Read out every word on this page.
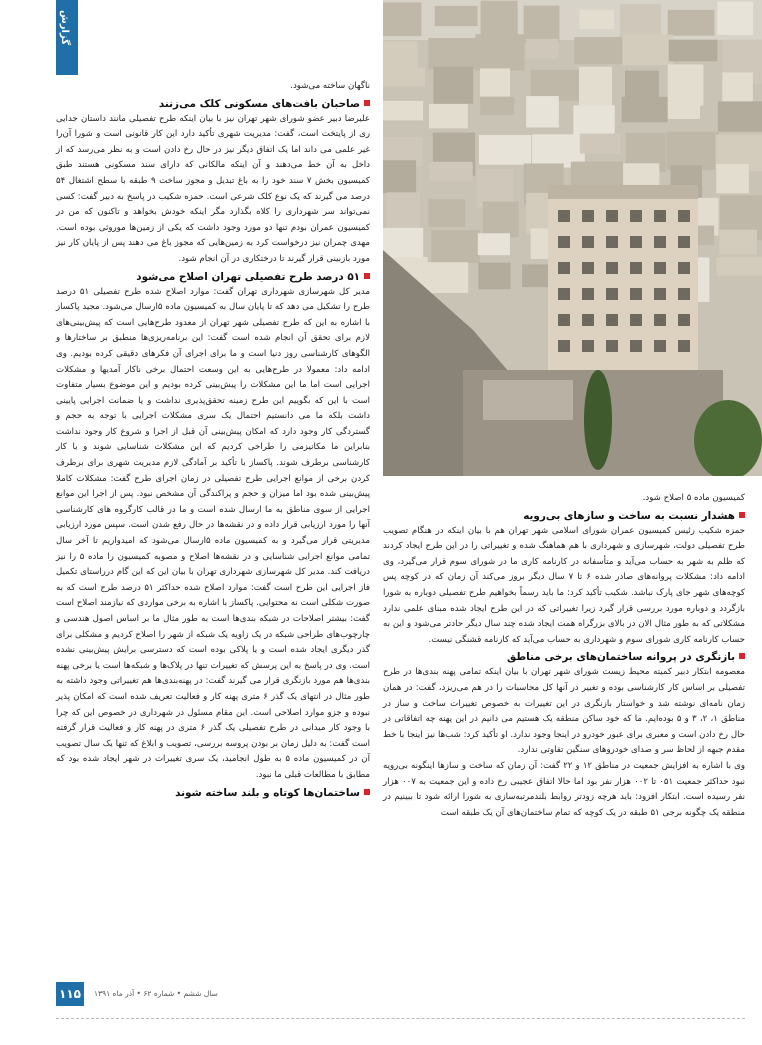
گزارش

ناگهان ساخته می‌شود.

صاحبان بافت‌های مسکونی کلک می‌زنند

علیرضا دبیر عضو شورای شهر تهران نیز با بیان اینکه طرح تفصیلی مانند داستان جدایی ری از پایتخت است، گفت: مدیریت شهری تأکید دارد این کار قانونی است و شورا آن‌را غیر علمی می داند اما یک اتفاق دیگر نیز در حال رخ دادن است و به نظر می‌رسد که از داخل به آن خط می‌دهند و آن اینکه مالکانی که دارای سند مسکونی هستند طبق کمیسیون بخش ۷ سند خود را به باغ تبدیل و مجوز ساخت ۹ طبقه با سطح اشتغال ۵۴ درصد می گیرند که یک نوع کلک شرعی است. حمزه شکیب در پاسخ به دبیر گفت: کسی نمی‌تواند سر شهرداری را کلاه بگذارد مگر اینکه خودش بخواهد و تاکنون که من در کمیسیون عمران بودم تنها دو مورد وجود داشت که یکی از زمین‌ها موروثی بوده است. مهدی چمران نیز درخواست کرد به زمین‌هایی که مجوز باغ می دهند پس از پایان کار نیز مورد بازبینی قرار گیرند تا درختکاری در آن انجام شود.

۵۱ درصد طرح تفصیلی تهران اصلاح می‌شود

مدیر کل شهرسازی شهرداری تهران گفت: موارد اصلاح شده طرح تفصیلی ۵۱ درصد طرح را تشکیل می دهد که تا پایان سال به کمیسیون ماده ۵ارسال می‌شود. مجید پاکساز با اشاره به این که طرح تفصیلی شهر تهران از معدود طرح‌هایی است که پیش‌بینی‌های لازم برای تحقق آن انجام شده است گفت: این برنامه‌ریزی‌ها منطبق بر ساختارها و الگوهای کارشناسی روز دنیا است و ما برای اجرای آن فکرهای دقیقی کرده بودیم. وی ادامه داد: معمولا در طرح‌هایی به این وسعت احتمال برخی ناکار آمدیها و مشکلات اجرایی است اما ما این مشکلات را پیش‌بینی کرده بودیم و این موضوع بسیار متفاوت است با این که بگوییم این طرح زمینه تحقق‌پذیری نداشت و یا ضمانت اجرایی پایینی داشت بلکه ما می دانستیم احتمال یک سری مشکلات اجرایی با توجه به حجم و گستردگی کار وجود دارد که امکان پیش‌بینی آن قبل از اجرا و شروع کار وجود نداشت بنابراین ما مکانیزمی را طراحی کردیم که این مشکلات شناسایی شوند و با کار کارشناسی برطرف شوند. پاکساز با تأکید بر آمادگی لازم مدیریت شهری برای برطرف کردن برخی از موانع اجرایی طرح تفصیلی در زمان اجرای طرح گفت: مشکلات کاملا پیش‌بینی شده بود اما میزان و حجم و پراکندگی آن مشخص نبود. پس از اجرا این موانع اجرایی از سوی مناطق به ما ارسال شده است و ما در قالب کارگروه های کارشناسی آنها را مورد ارزیابی قرار داده و در نقشه‌ها در حال رفع شدن است. سپس مورد ارزیابی مدیریتی قرار می‌گیرد و به کمیسیون ماده ۵ارسال می‌شود که امیدواریم تا آخر سال تمامی موانع اجرایی شناسایی و در نقشه‌ها اصلاح و مصوبه کمیسیون را ماده ۵ را نیز دریافت کند. مدیر کل شهرسازی شهرداری تهران با بیان این که این گام درراستای تکمیل فاز اجرایی این طرح است گفت: موارد اصلاح شده حداکثر ۵۱ درصد طرح است که به صورت شکلی است نه محتوایی. پاکساز با اشاره به برخی مواردی که نیازمند اصلاح است گفت: بیشتر اصلاحات در شبکه بندی‌ها است به طور مثال ما بر اساس اصول هندسی و چارچوب‌های طراحی شبکه در یک زاویه یک شبکه از شهر را اصلاح کردیم و مشکلی برای گذر دیگری ایجاد شده است و یا پلاکی بوده است که دسترسی برایش پیش‌بینی نشده است. وی در پاسخ به این پرسش که تغییرات تنها در پلاک‌ها و شبکه‌ها است یا برخی پهنه بندی‌ها هم مورد بازنگری قرار می گیرند گفت: در پهنه‌بندی‌ها هم تغییراتی وجود داشته به طور مثال در انتهای یک گذر ۶ متری پهنه کار و فعالیت تعریف شده است که امکان پذیر نبوده و جزو موارد اصلاحی است. این مقام مسئول در شهرداری در خصوص این که چرا با وجود کار میدانی در طرح تفصیلی یک گذر ۶ متری در پهنه کار و فعالیت قرار گرفته است گفت: به دلیل زمان بر بودن پروسه بررسی، تصویب و ابلاغ که تنها یک سال تصویب آن در کمیسیون ماده ۵ به طول انجامید، یک سری تغییرات در شهر ایجاد شده بود که مطابق با مطالعات قبلی ما نبود.

ساختمان‌ها کوتاه و بلند ساخته شوند

کمیسیون ماده ۵ اصلاح شود.

هشدار نسبت به ساخت و سازهای بی‌رویه

حمزه شکیب رئیس کمیسیون عمران شورای اسلامی شهر تهران هم با بیان اینکه در هنگام تصویب طرح تفصیلی دولت، شهرسازی و شهرداری با هم هماهنگ شده و تغییراتی را در این طرح ایجاد کردند که ظلم به شهر به حساب می‌آید و متأسفانه در کارنامه کاری ما در شورای سوم قرار می‌گیرد، وی ادامه داد: مشکلات پروانه‌های صادر شده ۶ تا ۷ سال دیگر بروز می‌کند آن زمان که در کوچه پس کوچه‌های شهر جای پارک نباشد. شکیب تأکید کرد: ما باید رسماً بخواهیم طرح تفصیلی دوباره به شورا بازگردد و دوباره مورد بررسی قرار گیرد زیرا تغییراتی که در این طرح ایجاد شده مبنای علمی ندارد مشکلاتی که به طور مثال الان در بالای بزرگراه همت ایجاد شده چند سال دیگر حادتر می‌شود و این به حساب کارنامه کاری شورای سوم و شهرداری به حساب می‌آید که کارنامه قشنگی نیست.

بازنگری در پروانه ساختمان‌های برخی مناطق

معصومه ابتکار دبیر کمیته محیط زیست شورای شهر تهران با بیان اینکه تمامی پهنه بندی‌ها در طرح تفصیلی بر اساس کار کارشناسی بوده و تغییر در آنها کل محاسبات را در هم می‌ریزد، گفت: در همان زمان نامه‌ای نوشته شد و خواستار بازنگری در این تغییرات به خصوص تغییرات ساخت و ساز در مناطق ۱، ۲، ۳ و ۵ بوده‌ایم. ما که خود ساکن منطقه یک هستیم می دانیم در این پهنه چه اتفاقاتی در حال رخ دادن است و معبری برای عبور خودرو در اینجا وجود ندارد. او تأکید کرد: شب‌ها نیز اینجا با خط مقدم جبهه از لحاظ سر و صدای خودروهای سنگین تفاوتی ندارد.

وی با اشاره به افزایش جمعیت در مناطق ۱۲ و ۲۲ گفت: آن زمان که ساخت و سازها اینگونه بی‌رویه نبود حداکثر جمعیت ۰۵۱ تا ۰۰۲ هزار نفر بود اما حالا اتفاق عجیبی رخ داده و این جمعیت به ۰۰۷ هزار نفر رسیده است. ابتکار افزود: باید هرچه زودتر روابط بلندمرتبه‌سازی به شورا ارائه شود تا ببینیم در منطقه یک چگونه برجی ۵۱ طبقه در یک کوچه که تمام ساختمان‌های آن یک طبقه است

۱۱۵	سال ششم • شماره ۶۲ • آذر ماه ۱۳۹۱
